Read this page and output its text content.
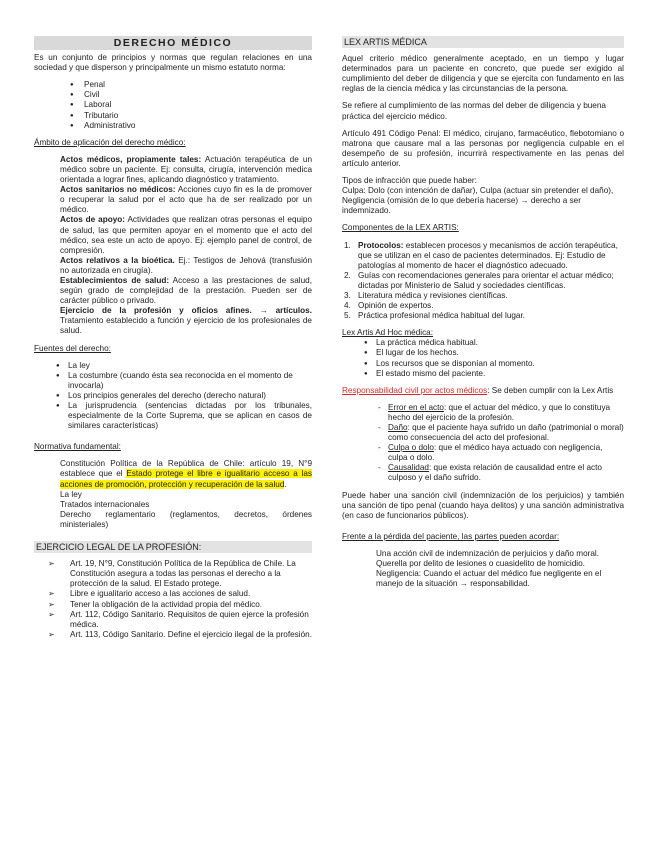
DERECHO MÉDICO

Es un conjunto de principios y normas que regulan relaciones en una sociedad y que disperson y principalmente un mismo estatuto norma:

● Penal
● Civil
● Laboral
● Tributario
● Administrativo

Ámbito de aplicación del derecho médico:

Actos médicos, propiamente tales: Actuación terapéutica de un médico sobre un paciente. Ej: consulta, cirugía, intervención medica orientada a lograr fines, aplicando diagnóstico y tratamiento.

Actos sanitarios no médicos: Acciones cuyo fin es la de promover o recuperar la salud por el acto que ha de ser realizado por un médico.

Actos de apoyo: Actividades que realizan otras personas el equipo de salud, las que permiten apoyar en el momento que el acto del médico, sea este un acto de apoyo. Ej: ejemplo panel de control, de compresión.

Actos relativos a la bioética. Ej.: Testigos de Jehová (transfusión no autorizada en cirugía).

Establecimientos de salud: Acceso a las prestaciones de salud, según grado de complejidad de la prestación. Pueden ser de carácter público o privado.

Ejercicio de la profesión y oficios afines. → artículos. Tratamiento establecido a función y ejercicio de los profesionales de salud.

Fuentes del derecho:

● La ley
● La costumbre (cuando ésta sea reconocida en el momento de invocarla)
● Los principios generales del derecho (derecho natural)
● La jurisprudencia (sentencias dictadas por los tribunales, especialmente de la Corte Suprema, que se aplican en casos de similares características)

Normativa fundamental:

Constitución Política de la República de Chile: artículo 19, N°9 establece que el Estado protege el libre e igualitario acceso a las acciones de promoción, protección y recuperación de la salud.

La ley

Tratados internacionales

Derecho reglamentario (reglamentos, decretos, órdenes ministeriales)

EJERCICIO LEGAL DE LA PROFESIÓN:
➢ Art. 19, N°9, Constitución Política de la República de Chile. La Constitución asegura a todas las personas el derecho a la protección de la salud. El Estado protege.
➢ Libre e igualitario acceso a las acciones de salud.
➢ Tener la obligación de la actividad propia del médico.
➢ Art. 112, Código Sanitario. Requisitos de quien ejerce la profesión médica.
➢ Art. 113, Código Sanitario. Define el ejercicio ilegal de la profesión.
LEX ARTIS MÉDICA

Aquel criterio médico generalmente aceptado, en un tiempo y lugar determinados para un paciente en concreto, que puede ser exigido al cumplimiento del deber de diligencia y que se ejercita con fundamento en las reglas de la ciencia médica y las circunstancias de la persona.

Se refiere al cumplimiento de las normas del deber de diligencia y buena práctica del ejercicio médico.

Artículo 491 Código Penal: El médico, cirujano, farmacéutico, flebotomiano o matrona que causare mal a las personas por negligencia culpable en el desempeño de su profesión, incurrirá respectivamente en las penas del artículo anterior.

Tipos de infracción que puede haber:

Culpa: Dolo (con intención de dañar), Culpa (actuar sin pretender el daño), Negligencia (omisión de lo que debería hacerse) → derecho a ser indemnizado.

Componentes de la LEX ARTIS:

1. Protocolos: establecen procesos y mecanismos de acción terapéutica, que se utilizan en el caso de pacientes determinados. Ej: Estudio de patologías al momento de hacer el diagnóstico adecuado.
2. Guías con recomendaciones generales para orientar el actuar médico; dictadas por Ministerio de Salud y sociedades científicas.
3. Literatura médica y revisiones científicas.
4. Opinión de expertos.
5. Práctica profesional médica habitual del lugar.

Lex Artis Ad Hoc médica:

● La práctica médica habitual.
● El lugar de los hechos.
● Los recursos que se disponían al momento.
● El estado mismo del paciente.

Responsabilidad civil por actos médicos: Se deben cumplir con la Lex Artis

- Error en el acto: que el actuar del médico, y que lo constituya hecho del ejercicio de la profesión.
- Daño: que el paciente haya sufrido un daño (patrimonial o moral) como consecuencia del acto del profesional.
- Culpa o dolo: que el médico haya actuado con negligencia, culpa o dolo.
- Causalidad: que exista relación de causalidad entre el acto culposo y el daño sufrido.

Puede haber una sanción civil (indemnización de los perjuicios) y también una sanción de tipo penal (cuando haya delitos) y una sanción administrativa (en caso de funcionarios públicos).

Frente a la pérdida del paciente, las partes pueden acordar:

Una acción civil de indemnización de perjuicios y daño moral.

Querella por delito de lesiones o cuasidelito de homicidio.

Negligencia: Cuando el actuar del médico fue negligente en el manejo de la situación → responsabilidad.
